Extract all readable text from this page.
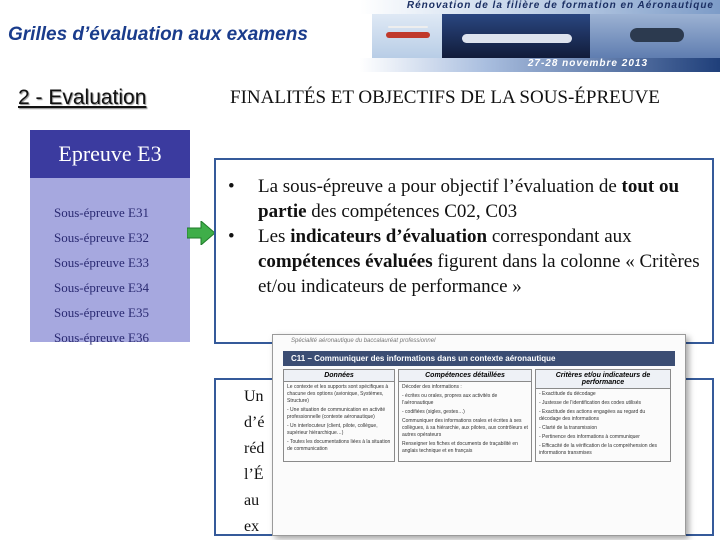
Rénovation de la filière de formation en Aéronautique
Grilles d’évaluation aux examens
27-28 novembre 2013
2 - Evaluation
Epreuve E3
Sous-épreuve E31
Sous-épreuve E32
Sous-épreuve E33
Sous-épreuve E34
Sous-épreuve E35
Sous-épreuve E36
FINALITÉS ET OBJECTIFS DE LA SOUS-ÉPREUVE
• La sous-épreuve a pour objectif l’évaluation de tout ou partie des compétences C02, C03
• Les indicateurs d’évaluation correspondant aux compétences évaluées figurent dans la colonne « Critères et/ou indicateurs de performance »
Un
d’é
réd
l’É
au
ex
Spécialité aéronautique du baccalauréat professionnel
C11 – Communiquer des informations dans un contexte aéronautique
Données

Le contexte et les supports sont spécifiques à chacune des options (avionique, Systèmes, Structure)

- Une situation de communication en activité professionnelle (contexte aéronautique)

- Un interlocuteur (client, pilote, collègue, supérieur hiérarchique…)

- Toutes les documentations liées à la situation de communication

Compétences détaillées

Décoder des informations :

- écrites ou orales, propres aux activités de l’aéronautique

- codifiées (sigles, gestes…)

Communiquer des informations orales et écrites à ses collègues, à sa hiérarchie, aux pilotes, aux contrôleurs et autres opérateurs

Renseigner les fiches et documents de traçabilité en anglais technique et en français

Critères et/ou indicateurs de performance

- Exactitude du décodage

- Justesse de l’identification des codes utilisés

- Exactitude des actions engagées au regard du décodage des informations

- Clarté de la transmission

- Pertinence des informations à communiquer

- Efficacité de la vérification de la compréhension des informations transmises
